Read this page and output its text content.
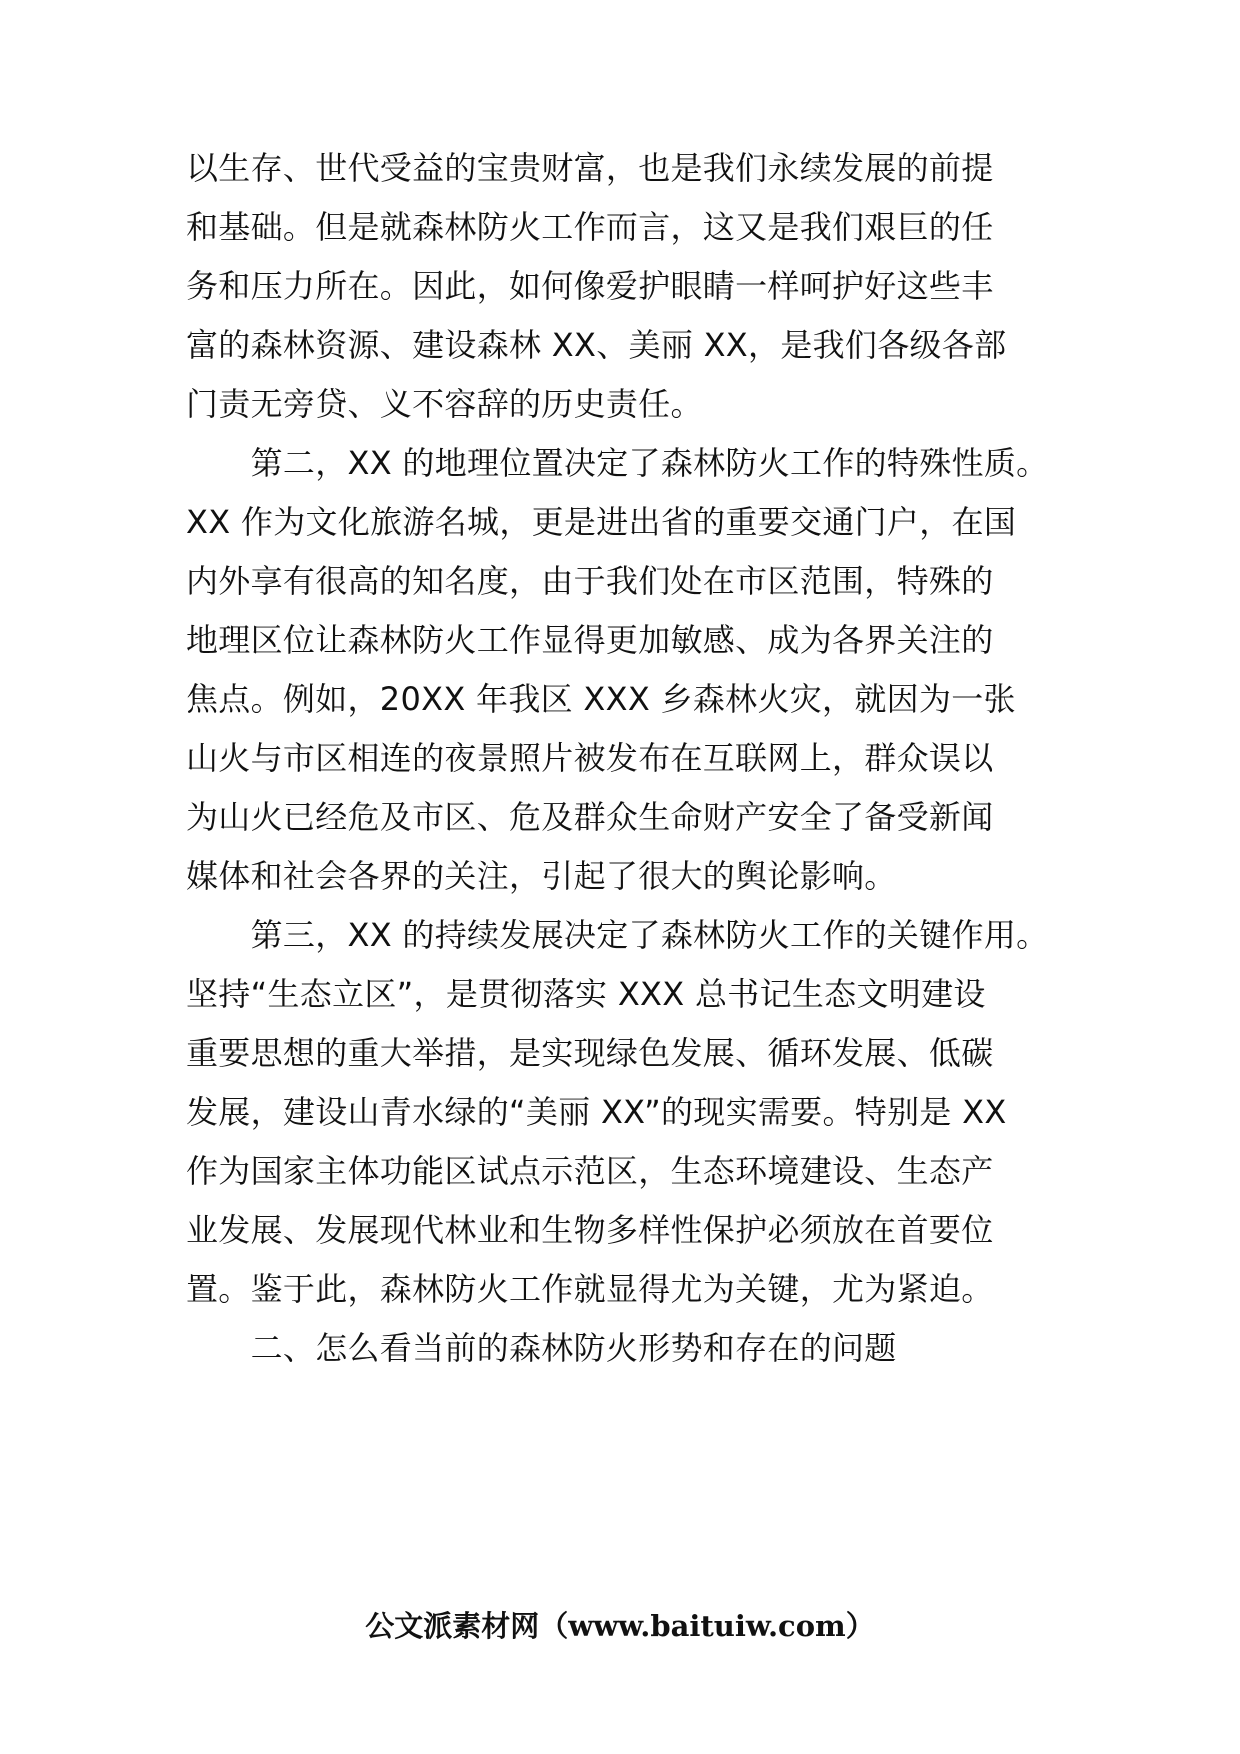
以生存、世代受益的宝贵财富，也是我们永续发展的前提
和基础。但是就森林防火工作而言，这又是我们艰巨的任
务和压力所在。因此，如何像爱护眼睛一样呵护好这些丰
富的森林资源、建设森林 XX、美丽 XX，是我们各级各部
门责无旁贷、义不容辞的历史责任。
　　第二，XX 的地理位置决定了森林防火工作的特殊性质。
XX 作为文化旅游名城，更是进出省的重要交通门户，在国
内外享有很高的知名度，由于我们处在市区范围，特殊的
地理区位让森林防火工作显得更加敏感、成为各界关注的
焦点。例如，20XX 年我区 XXX 乡森林火灾，就因为一张
山火与市区相连的夜景照片被发布在互联网上，群众误以
为山火已经危及市区、危及群众生命财产安全了备受新闻
媒体和社会各界的关注，引起了很大的舆论影响。
　　第三，XX 的持续发展决定了森林防火工作的关键作用。
坚持“生态立区”，是贯彻落实 XXX 总书记生态文明建设
重要思想的重大举措，是实现绿色发展、循环发展、低碳
发展，建设山青水绿的“美丽 XX”的现实需要。特别是 XX
作为国家主体功能区试点示范区，生态环境建设、生态产
业发展、发展现代林业和生物多样性保护必须放在首要位
置。鉴于此，森林防火工作就显得尤为关键，尤为紧迫。
　　二、怎么看当前的森林防火形势和存在的问题
公文派素材网（www.baituiw.com）
